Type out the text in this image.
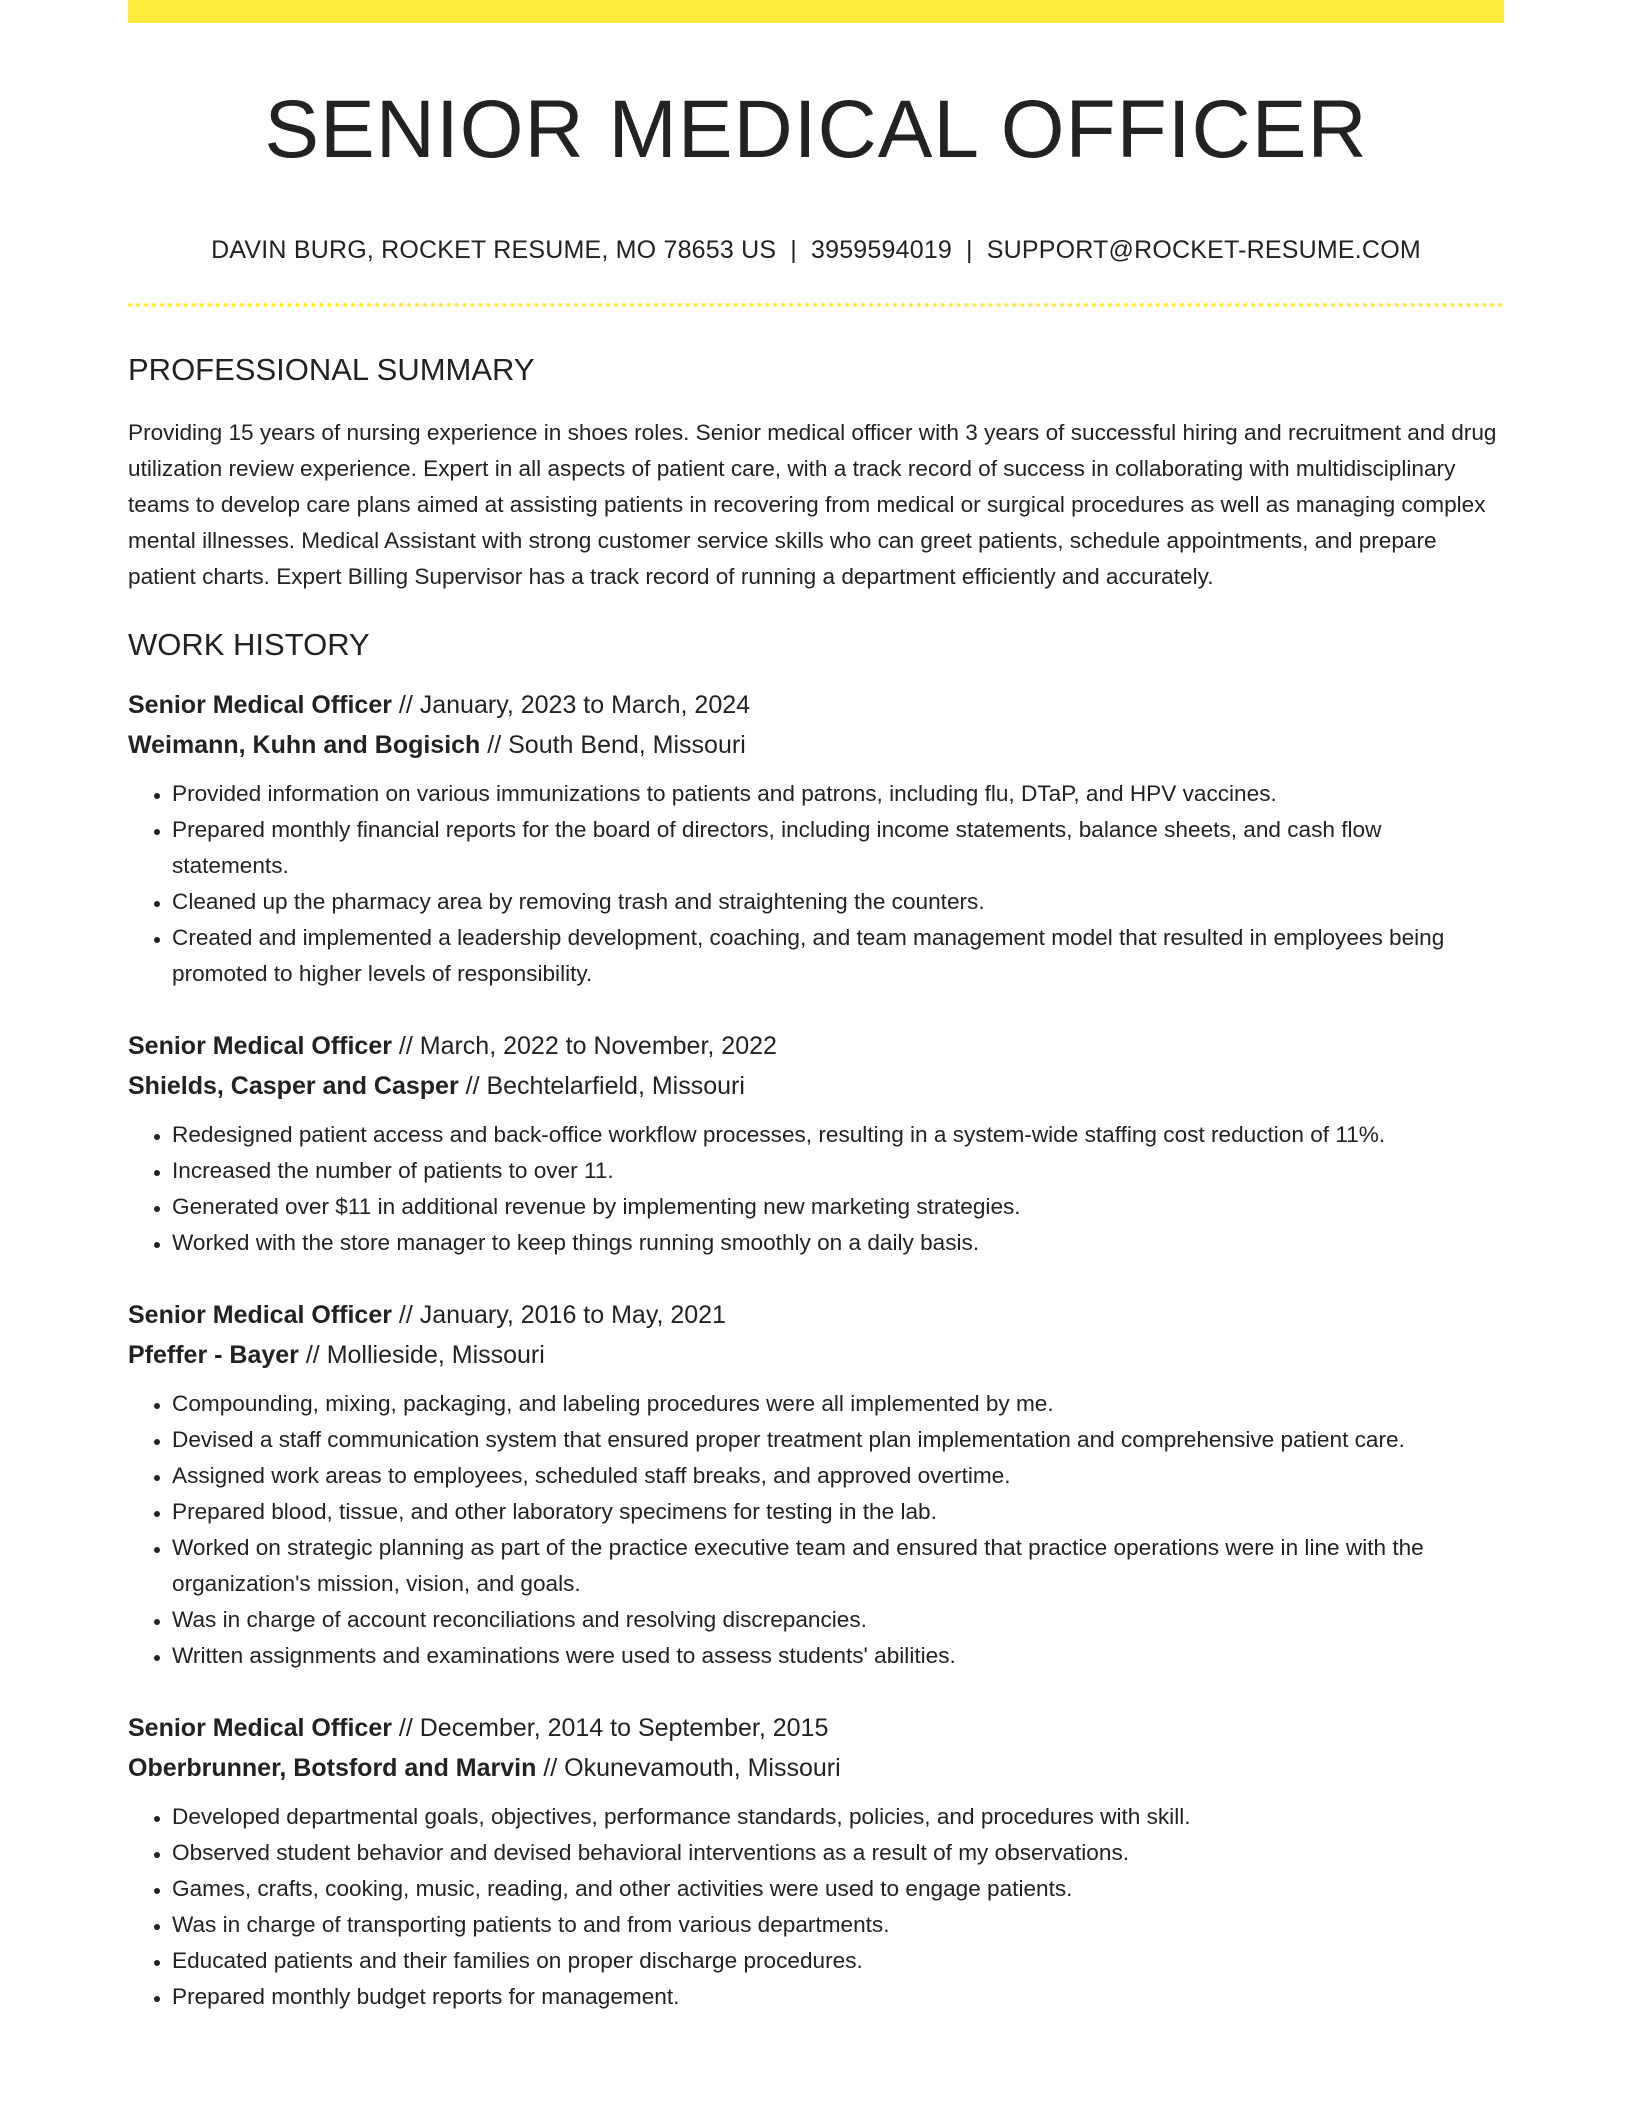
SENIOR MEDICAL OFFICER
DAVIN BURG, ROCKET RESUME, MO 78653 US | 3959594019 | SUPPORT@ROCKET-RESUME.COM
PROFESSIONAL SUMMARY

Providing 15 years of nursing experience in shoes roles. Senior medical officer with 3 years of successful hiring and recruitment and drug utilization review experience. Expert in all aspects of patient care, with a track record of success in collaborating with multidisciplinary teams to develop care plans aimed at assisting patients in recovering from medical or surgical procedures as well as managing complex mental illnesses. Medical Assistant with strong customer service skills who can greet patients, schedule appointments, and prepare patient charts. Expert Billing Supervisor has a track record of running a department efficiently and accurately.

WORK HISTORY
Senior Medical Officer // January, 2023 to March, 2024
Weimann, Kuhn and Bogisich // South Bend, Missouri
• Provided information on various immunizations to patients and patrons, including flu, DTaP, and HPV vaccines.
• Prepared monthly financial reports for the board of directors, including income statements, balance sheets, and cash flow statements.
• Cleaned up the pharmacy area by removing trash and straightening the counters.
• Created and implemented a leadership development, coaching, and team management model that resulted in employees being promoted to higher levels of responsibility.
Senior Medical Officer // March, 2022 to November, 2022
Shields, Casper and Casper // Bechtelarfield, Missouri
• Redesigned patient access and back-office workflow processes, resulting in a system-wide staffing cost reduction of 11%.
• Increased the number of patients to over 11.
• Generated over $11 in additional revenue by implementing new marketing strategies.
• Worked with the store manager to keep things running smoothly on a daily basis.
Senior Medical Officer // January, 2016 to May, 2021
Pfeffer - Bayer // Mollieside, Missouri
• Compounding, mixing, packaging, and labeling procedures were all implemented by me.
• Devised a staff communication system that ensured proper treatment plan implementation and comprehensive patient care.
• Assigned work areas to employees, scheduled staff breaks, and approved overtime.
• Prepared blood, tissue, and other laboratory specimens for testing in the lab.
• Worked on strategic planning as part of the practice executive team and ensured that practice operations were in line with the organization's mission, vision, and goals.
• Was in charge of account reconciliations and resolving discrepancies.
• Written assignments and examinations were used to assess students' abilities.
Senior Medical Officer // December, 2014 to September, 2015
Oberbrunner, Botsford and Marvin // Okunevamouth, Missouri
• Developed departmental goals, objectives, performance standards, policies, and procedures with skill.
• Observed student behavior and devised behavioral interventions as a result of my observations.
• Games, crafts, cooking, music, reading, and other activities were used to engage patients.
• Was in charge of transporting patients to and from various departments.
• Educated patients and their families on proper discharge procedures.
• Prepared monthly budget reports for management.
